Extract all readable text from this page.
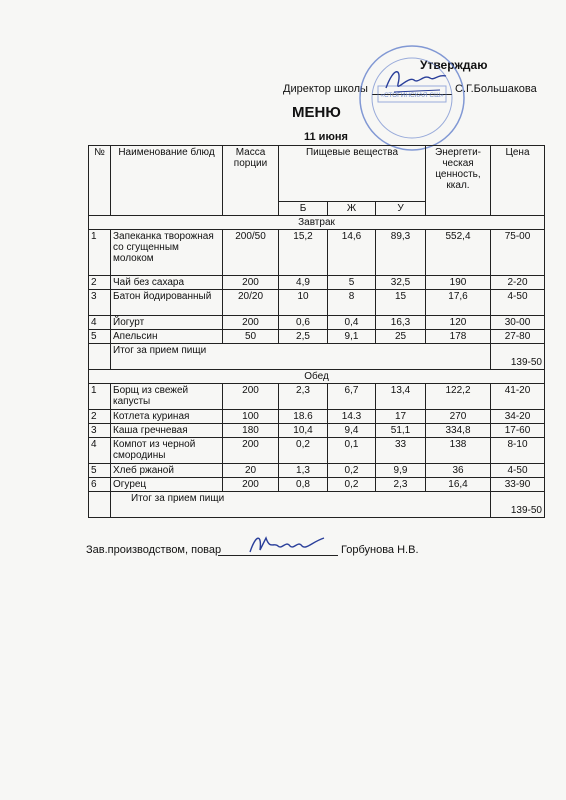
Утверждаю
Директор школы	С.Г.Большакова
«СТОГИНСКАЯ СШ»
МЕНЮ
11 июня
№	Наименование блюд	Масса порции	Пищевые вещества			Энергети-ческая ценность, ккал.	Цена
			Б	Ж	У		
Завтрак							
1	Запеканка творожная со сгущенным молоком	200/50	15,2	14,6	89,3	552,4	75-00
2	Чай без сахара	200	4,9	5	32,5	190	2-20
3	Батон йодированный	20/20	10	8	15	17,6	4-50
4	Йогурт	200	0,6	0,4	16,3	120	30-00
5	Апельсин	50	2,5	9,1	25	178	27-80
	Итог за прием пищи						139-50
Обед							
1	Борщ из свежей капусты	200	2,3	6,7	13,4	122,2	41-20
2	Котлета куриная	100	18.6	14.3	17	270	34-20
3	Каша гречневая	180	10,4	9,4	51,1	334,8	17-60
4	Компот из черной смородины	200	0,2	0,1	33	138	8-10
5	Хлеб ржаной	20	1,3	0,2	9,9	36	4-50
6	Огурец	200	0,8	0,2	2,3	16,4	33-90
	Итог за прием пищи						139-50
Зав.производством, повар	Горбунова Н.В.
